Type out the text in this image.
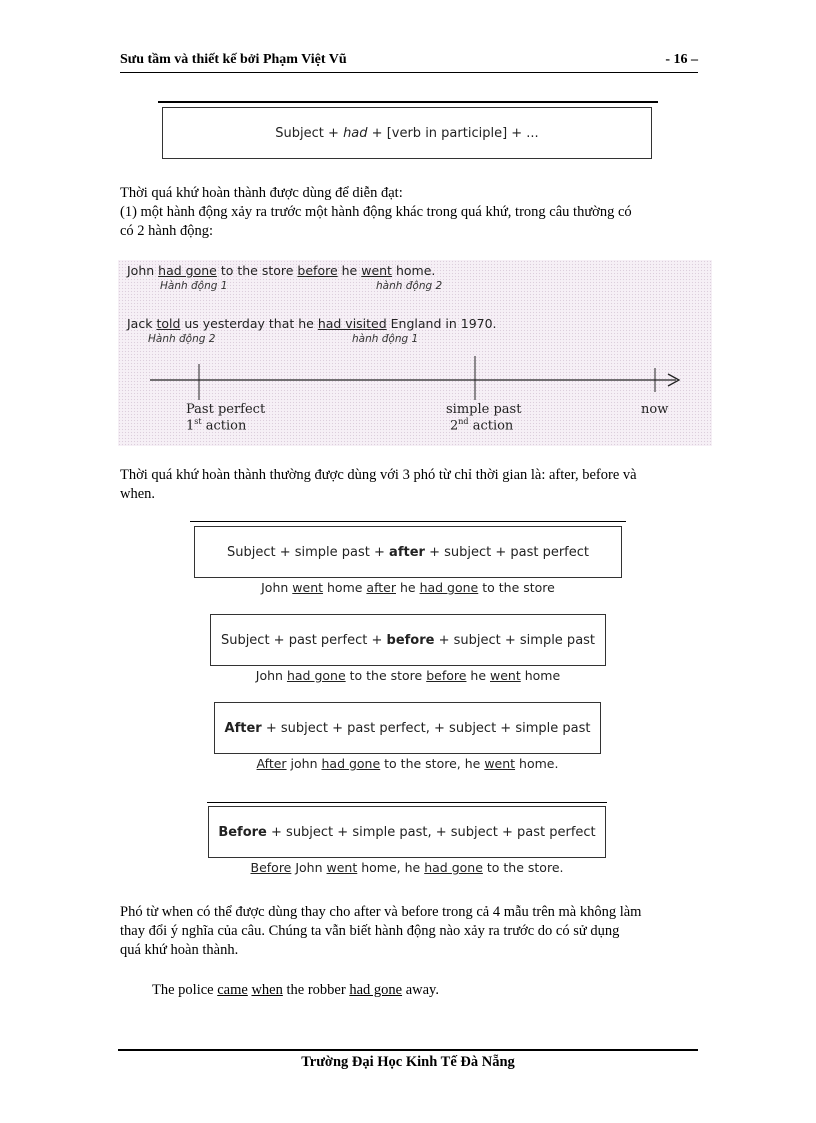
Sưu tầm và thiết kế bởi Phạm Việt Vũ	- 16 –
Subject +
had
+ [verb in participle] + ...
Thời quá khứ hoàn thành được dùng để diễn đạt:
(1) một hành động xảy ra trước một hành động khác trong quá khứ, trong câu thường có
có 2 hành động:
John had gone to the store before he went home.
Hành động 1	hành động 2
Jack told us yesterday that he had visited England in 1970.
Hành động 2	hành động 1
Past perfect
1st action
simple past
2nd action
now
Thời quá khứ hoàn thành thường được dùng với 3 phó từ chỉ thời gian là: after, before và
when.
Subject + simple past +
after
+ subject + past perfect
John went home after he had gone to the store
Subject + past perfect +
before
+ subject + simple past
John had gone to the store before he went home
After
+ subject + past perfect, + subject + simple past
After john had gone to the store, he went home.
Before
+ subject + simple past, + subject + past perfect
Before John went home, he had gone to the store.
Phó từ when có thể được dùng thay cho after và before trong cả 4 mẫu trên mà không làm
thay đổi ý nghĩa của câu. Chúng ta vẫn biết hành động nào xảy ra trước do có sử dụng
quá khứ hoàn thành.
The police came when the robber had gone away.
Trường Đại Học Kinh Tế Đà Nẵng
